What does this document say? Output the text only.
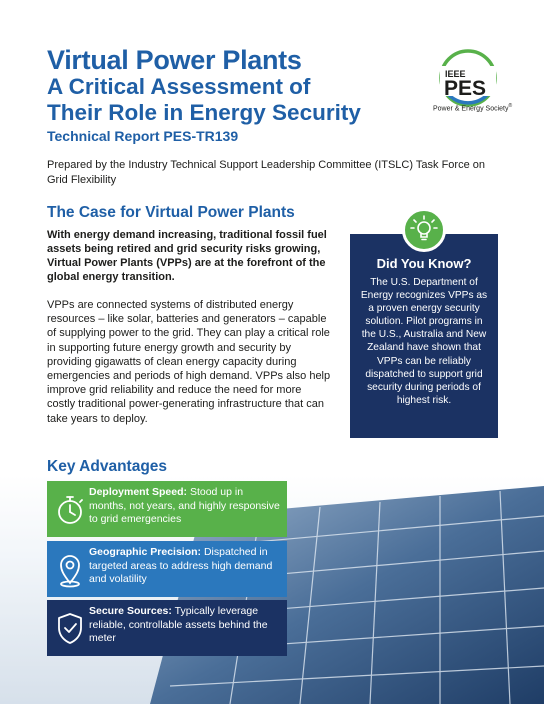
Virtual Power Plants
A Critical Assessment of
Their Role in Energy Security
Technical Report PES-TR139
IEEE
PES
Power & Energy Society®
Prepared by the Industry Technical Support Leadership Committee (ITSLC) Task Force on Grid Flexibility
The Case for Virtual Power Plants
With energy demand increasing, traditional fossil fuel assets being retired and grid security risks growing, Virtual Power Plants (VPPs) are at the forefront of the global energy transition.
VPPs are connected systems of distributed energy resources – like solar, batteries and generators – capable of supplying power to the grid. They can play a critical role in supporting future energy growth and security by providing gigawatts of clean energy capacity during emergencies and periods of high demand. VPPs also help improve grid reliability and reduce the need for more costly traditional power-generating infrastructure that can take years to deploy.
Did You Know?
The U.S. Department of Energy recognizes VPPs as a proven energy security solution. Pilot programs in the U.S., Australia and New Zealand have shown that VPPs can be reliably dispatched to support grid security during periods of highest risk.
Key Advantages
Deployment Speed: Stood up in months, not years, and highly responsive to grid emergencies
Geographic Precision: Dispatched in targeted areas to address high demand and volatility
Secure Sources: Typically leverage reliable, controllable assets behind the meter
